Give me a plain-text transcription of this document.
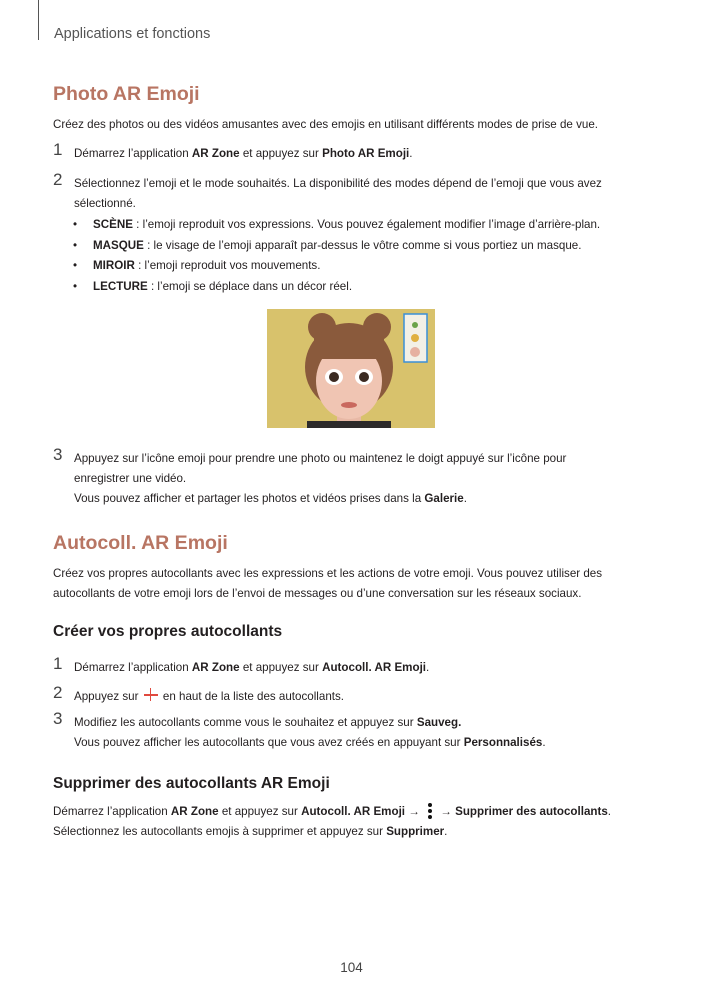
Applications et fonctions
Photo AR Emoji
Créez des photos ou des vidéos amusantes avec des emojis en utilisant différents modes de prise de vue.
1 Démarrez l’application AR Zone et appuyez sur Photo AR Emoji.
2 Sélectionnez l’emoji et le mode souhaités. La disponibilité des modes dépend de l’emoji que vous avez
sélectionné.
• SCÈNE : l’emoji reproduit vos expressions. Vous pouvez également modifier l’image d’arrière-plan.
• MASQUE : le visage de l’emoji apparaît par-dessus le vôtre comme si vous portiez un masque.
• MIROIR : l’emoji reproduit vos mouvements.
• LECTURE : l’emoji se déplace dans un décor réel.
3 Appuyez sur l’icône emoji pour prendre une photo ou maintenez le doigt appuyé sur l’icône pour
enregistrer une vidéo.
Vous pouvez afficher et partager les photos et vidéos prises dans la Galerie.
Autocoll. AR Emoji
Créez vos propres autocollants avec les expressions et les actions de votre emoji. Vous pouvez utiliser des
autocollants de votre emoji lors de l’envoi de messages ou d’une conversation sur les réseaux sociaux.
Créer vos propres autocollants
1 Démarrez l’application AR Zone et appuyez sur Autocoll. AR Emoji.
2 Appuyez sur  en haut de la liste des autocollants.
3 Modifiez les autocollants comme vous le souhaitez et appuyez sur Sauveg.
Vous pouvez afficher les autocollants que vous avez créés en appuyant sur Personnalisés.
Supprimer des autocollants AR Emoji
Démarrez l’application AR Zone et appuyez sur Autocoll. AR Emoji →
→ Supprimer des autocollants.
Sélectionnez les autocollants emojis à supprimer et appuyez sur Supprimer.
104
